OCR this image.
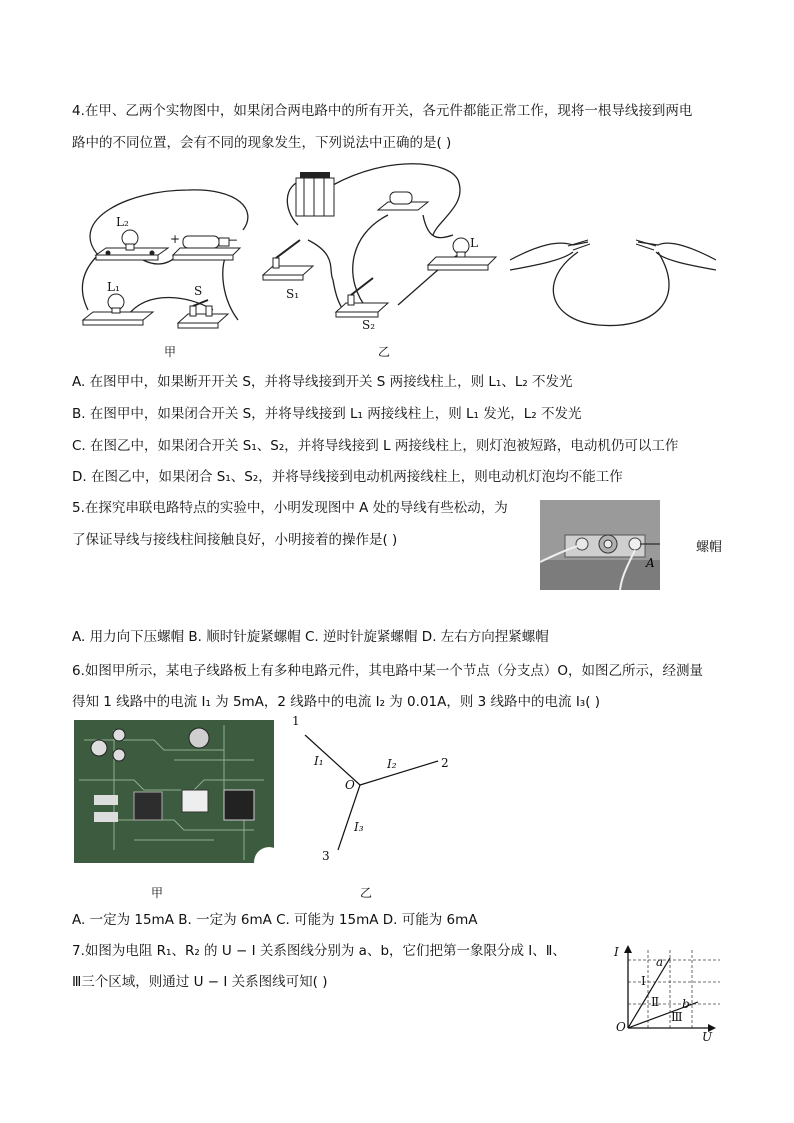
4.在甲、乙两个实物图中，如果闭合两电路中的所有开关，各元件都能正常工作，现将一根导线接到两电
路中的不同位置，会有不同的现象发生，下列说法中正确的是( )
L₂
+	−
L₁	S
甲
S₁
S₂
L
乙
A. 在图甲中，如果断开开关 S，并将导线接到开关 S 两接线柱上，则 L₁、L₂ 不发光
B. 在图甲中，如果闭合开关 S，并将导线接到 L₁ 两接线柱上，则 L₁ 发光，L₂ 不发光
C. 在图乙中，如果闭合开关 S₁、S₂，并将导线接到 L 两接线柱上，则灯泡被短路，电动机仍可以工作
D. 在图乙中，如果闭合 S₁、S₂，并将导线接到电动机两接线柱上，则电动机灯泡均不能工作
5.在探究串联电路特点的实验中，小明发现图中 A 处的导线有些松动，为
了保证导线与接线柱间接触良好，小明接着的操作是( )	螺帽
A
A. 用力向下压螺帽 B. 顺时针旋紧螺帽 C. 逆时针旋紧螺帽 D. 左右方向捏紧螺帽
6.如图甲所示，某电子线路板上有多种电路元件，其电路中某一个节点（分支点）O，如图乙所示，经测量
得知 1 线路中的电流 I₁ 为 5mA，2 线路中的电流 I₂ 为 0.01A，则 3 线路中的电流 I₃( )
甲
1
2
3
O
I₁	I₂
I₃
乙
A. 一定为 15mA B. 一定为 6mA C. 可能为 15mA D. 可能为 6mA
7.如图为电阻 R₁、R₂ 的 U − I 关系图线分别为 a、b，它们把第一象限分成 Ⅰ、Ⅱ、
Ⅲ三个区域，则通过 U − I 关系图线可知( )
I
U
O
a
b
Ⅰ
Ⅱ
Ⅲ
